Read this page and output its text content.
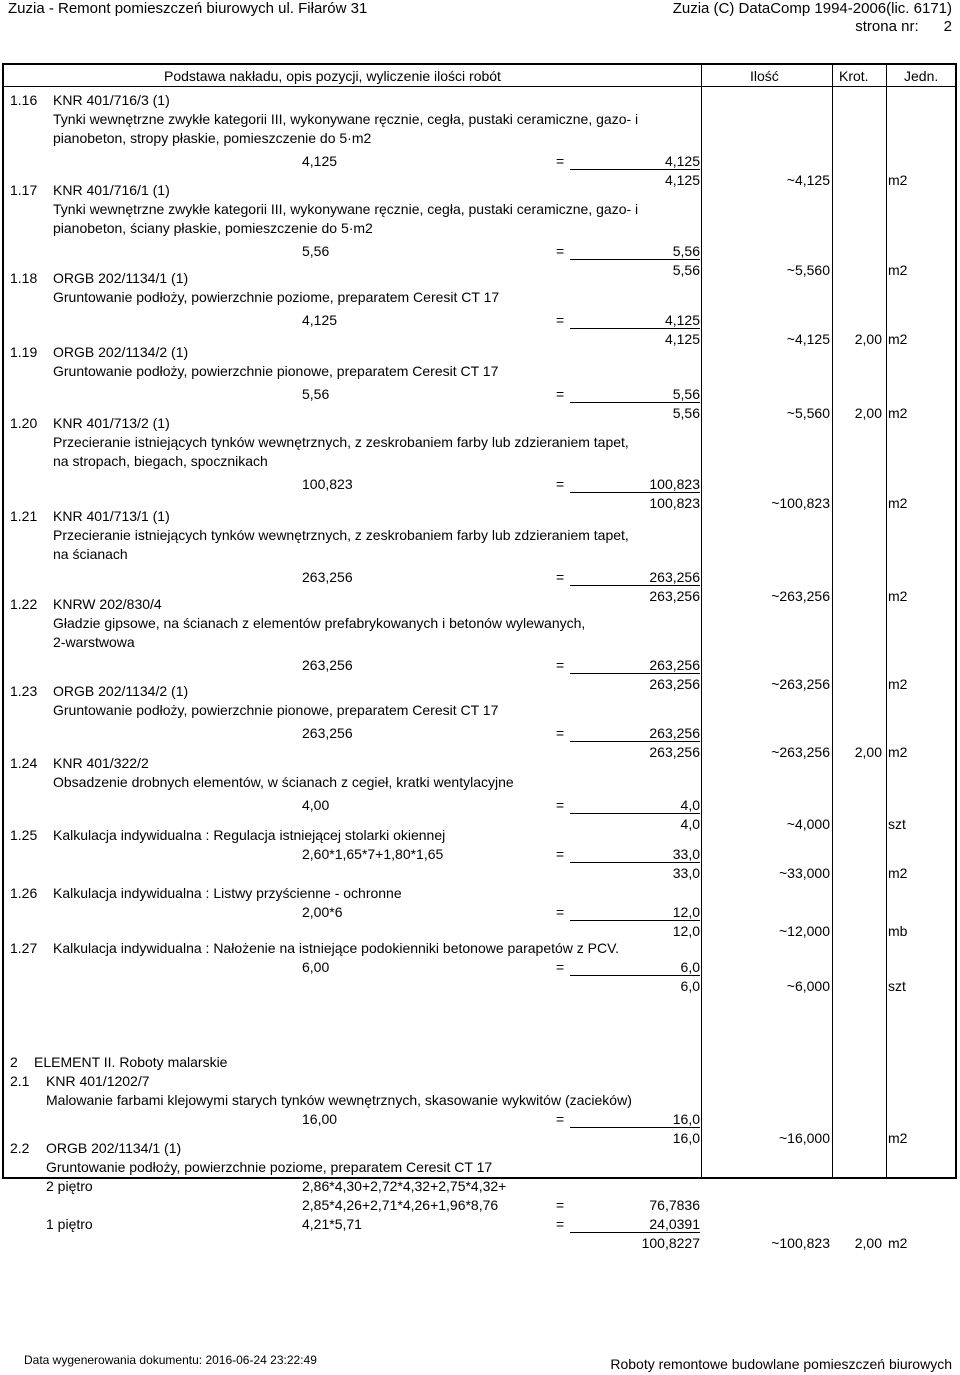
Zuzia - Remont pomieszczeń biurowych ul. Fiłarów 31	Zuzia (C) DataComp 1994-2006(lic. 6171)
strona nr: 2
Podstawa nakładu, opis pozycji, wyliczenie ilości robót	Ilość	Krot.	Jedn.
1.16 KNR 401/716/3 (1)
Tynki wewnętrzne zwykłe kategorii III, wykonywane ręcznie, cegła, pustaki ceramiczne, gazo- i
pianobeton, stropy płaskie, pomieszczenie do 5·m2
4,125	=	4,125
4,125	~4,125	m2
1.17 KNR 401/716/1 (1)
Tynki wewnętrzne zwykłe kategorii III, wykonywane ręcznie, cegła, pustaki ceramiczne, gazo- i
pianobeton, ściany płaskie, pomieszczenie do 5·m2
5,56	=	5,56
5,56	~5,560	m2
1.18 ORGB 202/1134/1 (1)
Gruntowanie podłoży, powierzchnie poziome, preparatem Ceresit CT 17
4,125	=	4,125
4,125	~4,125	2,00 m2
1.19 ORGB 202/1134/2 (1)
Gruntowanie podłoży, powierzchnie pionowe, preparatem Ceresit CT 17
5,56	=	5,56
5,56	~5,560	2,00 m2
1.20 KNR 401/713/2 (1)
Przecieranie istniejących tynków wewnętrznych, z zeskrobaniem farby lub zdzieraniem tapet,
na stropach, biegach, spocznikach
100,823	=	100,823
100,823	~100,823	m2
1.21 KNR 401/713/1 (1)
Przecieranie istniejących tynków wewnętrznych, z zeskrobaniem farby lub zdzieraniem tapet,
na ścianach
263,256	=	263,256
263,256	~263,256	m2
1.22 KNRW 202/830/4
Gładzie gipsowe, na ścianach z elementów prefabrykowanych i betonów wylewanych,
2-warstwowa
263,256	=	263,256
263,256	~263,256	m2
1.23 ORGB 202/1134/2 (1)
Gruntowanie podłoży, powierzchnie pionowe, preparatem Ceresit CT 17
263,256	=	263,256
263,256	~263,256	2,00 m2
1.24 KNR 401/322/2
Obsadzenie drobnych elementów, w ścianach z cegieł, kratki wentylacyjne
4,00	=	4,0
4,0	~4,000	szt
1.25 Kalkulacja indywidualna : Regulacja istniejącej stolarki okiennej
2,60*1,65*7+1,80*1,65	=	33,0
33,0	~33,000	m2
1.26 Kalkulacja indywidualna : Listwy przyścienne - ochronne
2,00*6	=	12,0
12,0	~12,000	mb
1.27 Kalkulacja indywidualna : Nałożenie na istniejące podokienniki betonowe parapetów z PCV.
6,00	=	6,0
6,0	~6,000	szt
2 ELEMENT II. Roboty malarskie
2.1 KNR 401/1202/7
Malowanie farbami klejowymi starych tynków wewnętrznych, skasowanie wykwitów (zacieków)
16,00	=	16,0
16,0	~16,000	m2
2.2 ORGB 202/1134/1 (1)
Gruntowanie podłoży, powierzchnie poziome, preparatem Ceresit CT 17
2 piętro	2,86*4,30+2,72*4,32+2,75*4,32+
2,85*4,26+2,71*4,26+1,96*8,76	=	76,7836
1 piętro	4,21*5,71	=	24,0391
100,8227	~100,823	2,00 m2
Data wygenerowania dokumentu: 2016-06-24 23:22:49	Roboty remontowe budowlane pomieszczeń biurowych
